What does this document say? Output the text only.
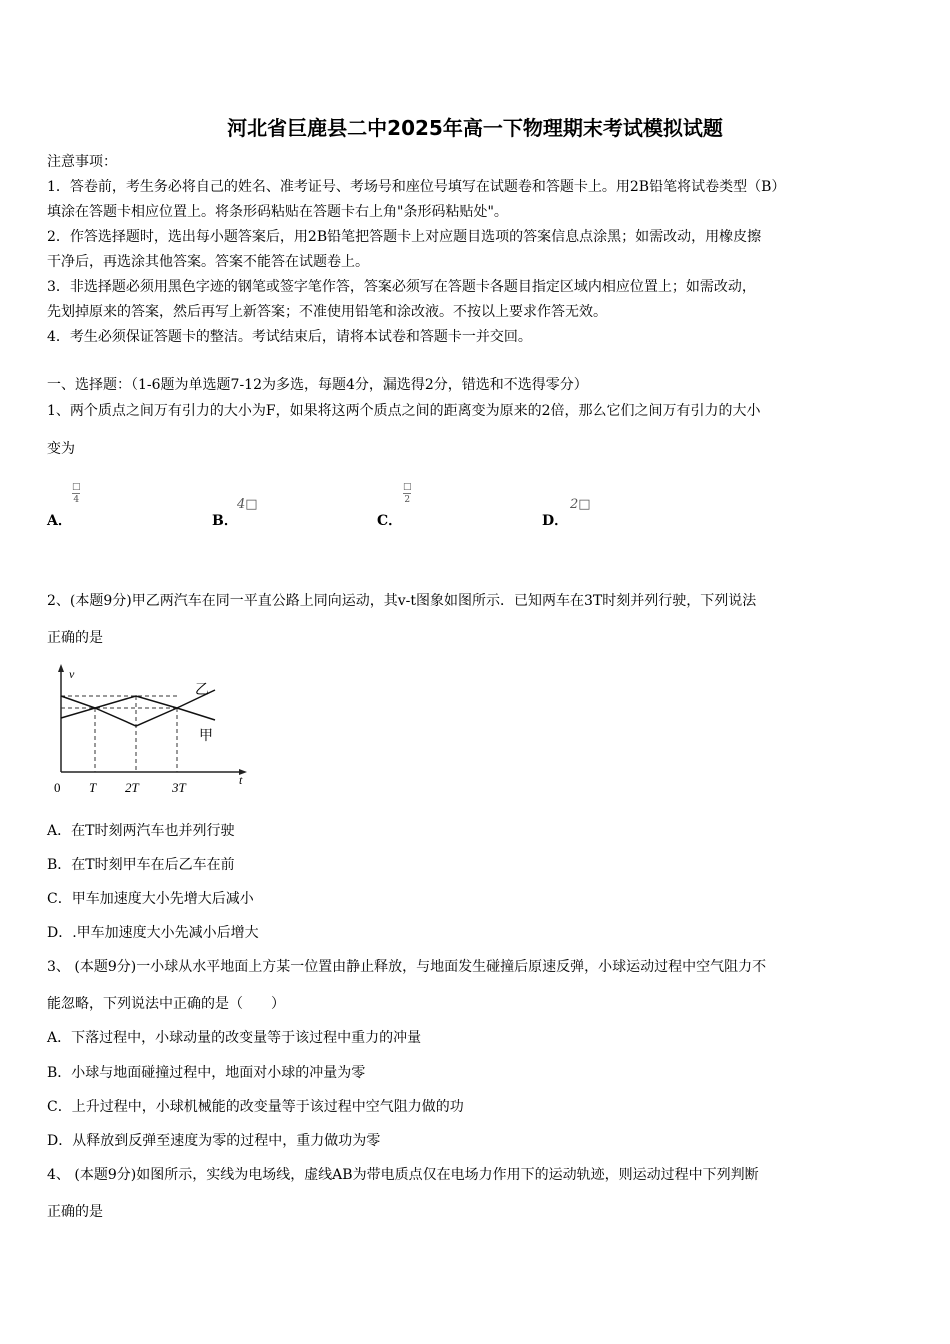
河北省巨鹿县二中2025年高一下物理期末考试模拟试题
注意事项：
1．答卷前，考生务必将自己的姓名、准考证号、考场号和座位号填写在试题卷和答题卡上。用2B铅笔将试卷类型（B）
填涂在答题卡相应位置上。将条形码粘贴在答题卡右上角"条形码粘贴处"。
2．作答选择题时，选出每小题答案后，用2B铅笔把答题卡上对应题目选项的答案信息点涂黑；如需改动，用橡皮擦
干净后，再选涂其他答案。答案不能答在试题卷上。
3．非选择题必须用黑色字迹的钢笔或签字笔作答，答案必须写在答题卡各题目指定区域内相应位置上；如需改动，
先划掉原来的答案，然后再写上新答案；不准使用铅笔和涂改液。不按以上要求作答无效。
4．考生必须保证答题卡的整洁。考试结束后，请将本试卷和答题卡一并交回。
一、选择题：（1-6题为单选题7-12为多选，每题4分，漏选得2分，错选和不选得零分）
1、两个质点之间万有引力的大小为F，如果将这两个质点之间的距离变为原来的2倍，那么它们之间万有引力的大小
变为
A．
□
4
B．
4□
C．
□
2
D．
2□
2、(本题9分)甲乙两汽车在同一平直公路上同向运动，其v-t图象如图所示．已知两车在3T时刻并列行驶，下列说法
正确的是
v
t
乙
甲
0 T 2T	3T
A．在T时刻两汽车也并列行驶
B．在T时刻甲车在后乙车在前
C．甲车加速度大小先增大后减小
D．.甲车加速度大小先减小后增大
3、 (本题9分)一小球从水平地面上方某一位置由静止释放，与地面发生碰撞后原速反弹，小球运动过程中空气阻力不
能忽略，下列说法中正确的是（　　）
A．下落过程中，小球动量的改变量等于该过程中重力的冲量
B．小球与地面碰撞过程中，地面对小球的冲量为零
C．上升过程中，小球机械能的改变量等于该过程中空气阻力做的功
D．从释放到反弹至速度为零的过程中，重力做功为零
4、 (本题9分)如图所示，实线为电场线，虚线AB为带电质点仅在电场力作用下的运动轨迹，则运动过程中下列判断
正确的是
